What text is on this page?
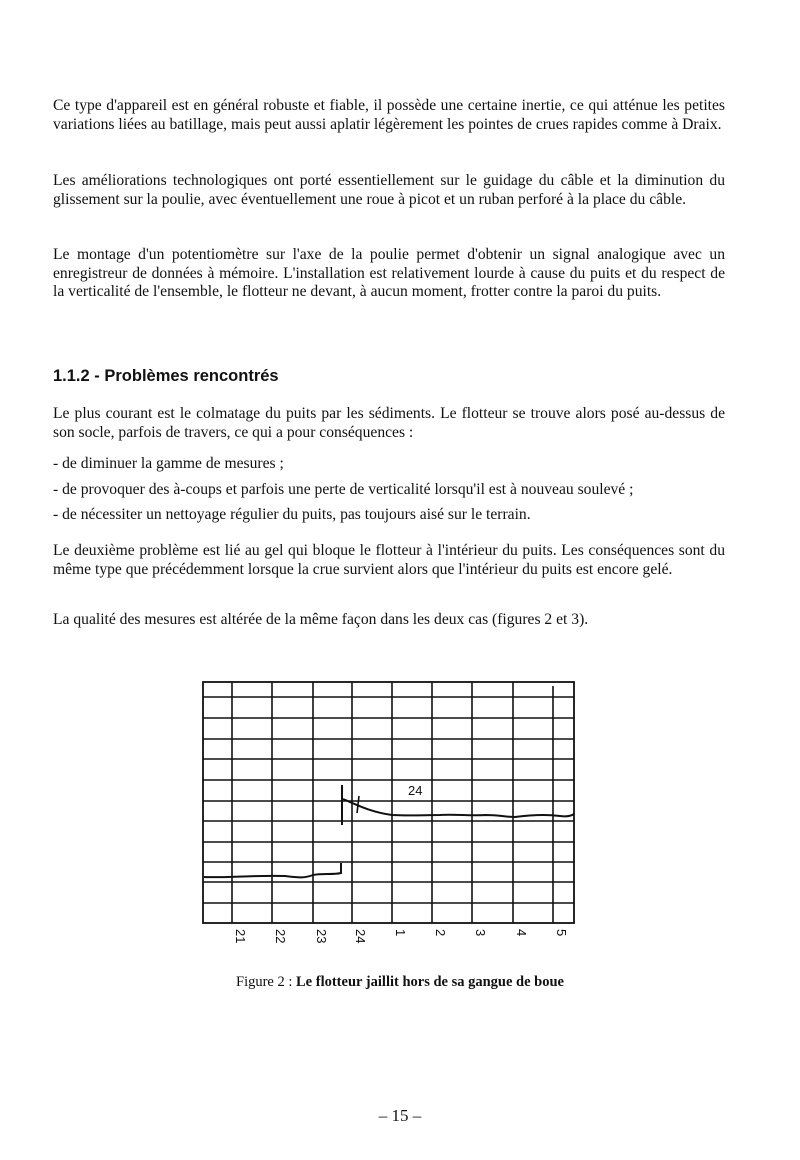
Ce type d'appareil est en général robuste et fiable, il possède une certaine inertie, ce qui atténue les petites variations liées au batillage, mais peut aussi aplatir légèrement les pointes de crues rapides comme à Draix.

Les améliorations technologiques ont porté essentiellement sur le guidage du câble et la diminution du glissement sur la poulie, avec éventuellement une roue à picot et un ruban perforé à la place du câble.

Le montage d'un potentiomètre sur l'axe de la poulie permet d'obtenir un signal analogique avec un enregistreur de données à mémoire. L'installation est relativement lourde à cause du puits et du respect de la verticalité de l'ensemble, le flotteur ne devant, à aucun moment, frotter contre la paroi du puits.

1.1.2 - Problèmes rencontrés

Le plus courant est le colmatage du puits par les sédiments. Le flotteur se trouve alors posé au-dessus de son socle, parfois de travers, ce qui a pour conséquences :

- de diminuer la gamme de mesures ;

- de provoquer des à-coups et parfois une perte de verticalité lorsqu'il est à nouveau soulevé ;

- de nécessiter un nettoyage régulier du puits, pas toujours aisé sur le terrain.

Le deuxième problème est lié au gel qui bloque le flotteur à l'intérieur du puits. Les conséquences sont du même type que précédemment lorsque la crue survient alors que l'intérieur du puits est encore gelé.

La qualité des mesures est altérée de la même façon dans les deux cas (figures 2 et 3).

24
21 22 23 24 1 2 3 4 5
Figure 2 : Le flotteur jaillit hors de sa gangue de boue
– 15 –
